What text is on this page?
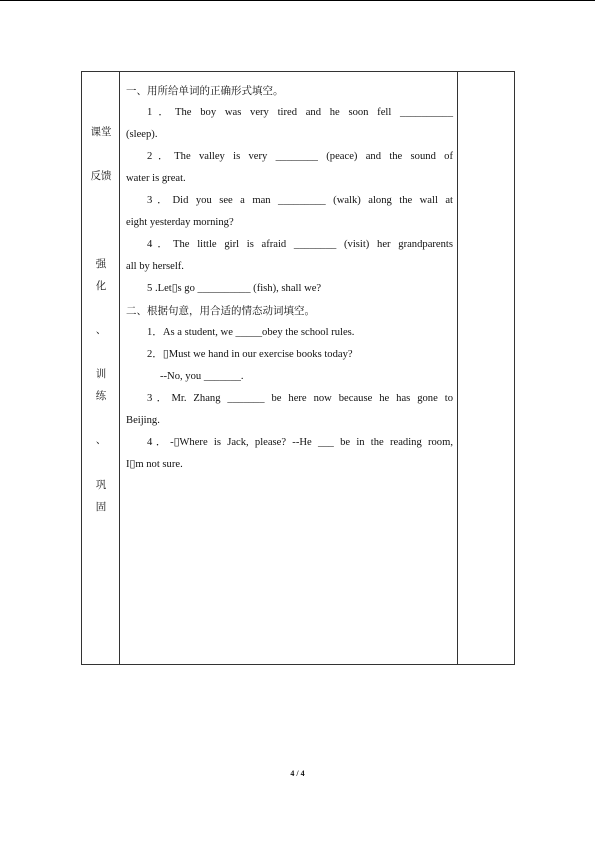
课堂
反馈
强
化
、
训
练
、
巩
固

一、用所给单词的正确形式填空。

1．The boy was very tired and he soon fell __________

(sleep).

2．The valley is very ________ (peace) and the sound of

water is great.

3．Did you see a man _________ (walk) along the wall at

eight yesterday morning?

4．The little girl is afraid ________ (visit) her grandparents

all by herself.

5 .Let▯s go __________ (fish), shall we?

二、根据句意，用合适的情态动词填空。

1．As a student, we _____obey the school rules.

2．▯Must we hand in our exercise books today?

--No, you _______.

3．Mr. Zhang _______ be here now because he has gone to

Beijing.

4．-▯Where is Jack, please? --He ___ be in the reading room,

I▯m not sure.

4 / 4
